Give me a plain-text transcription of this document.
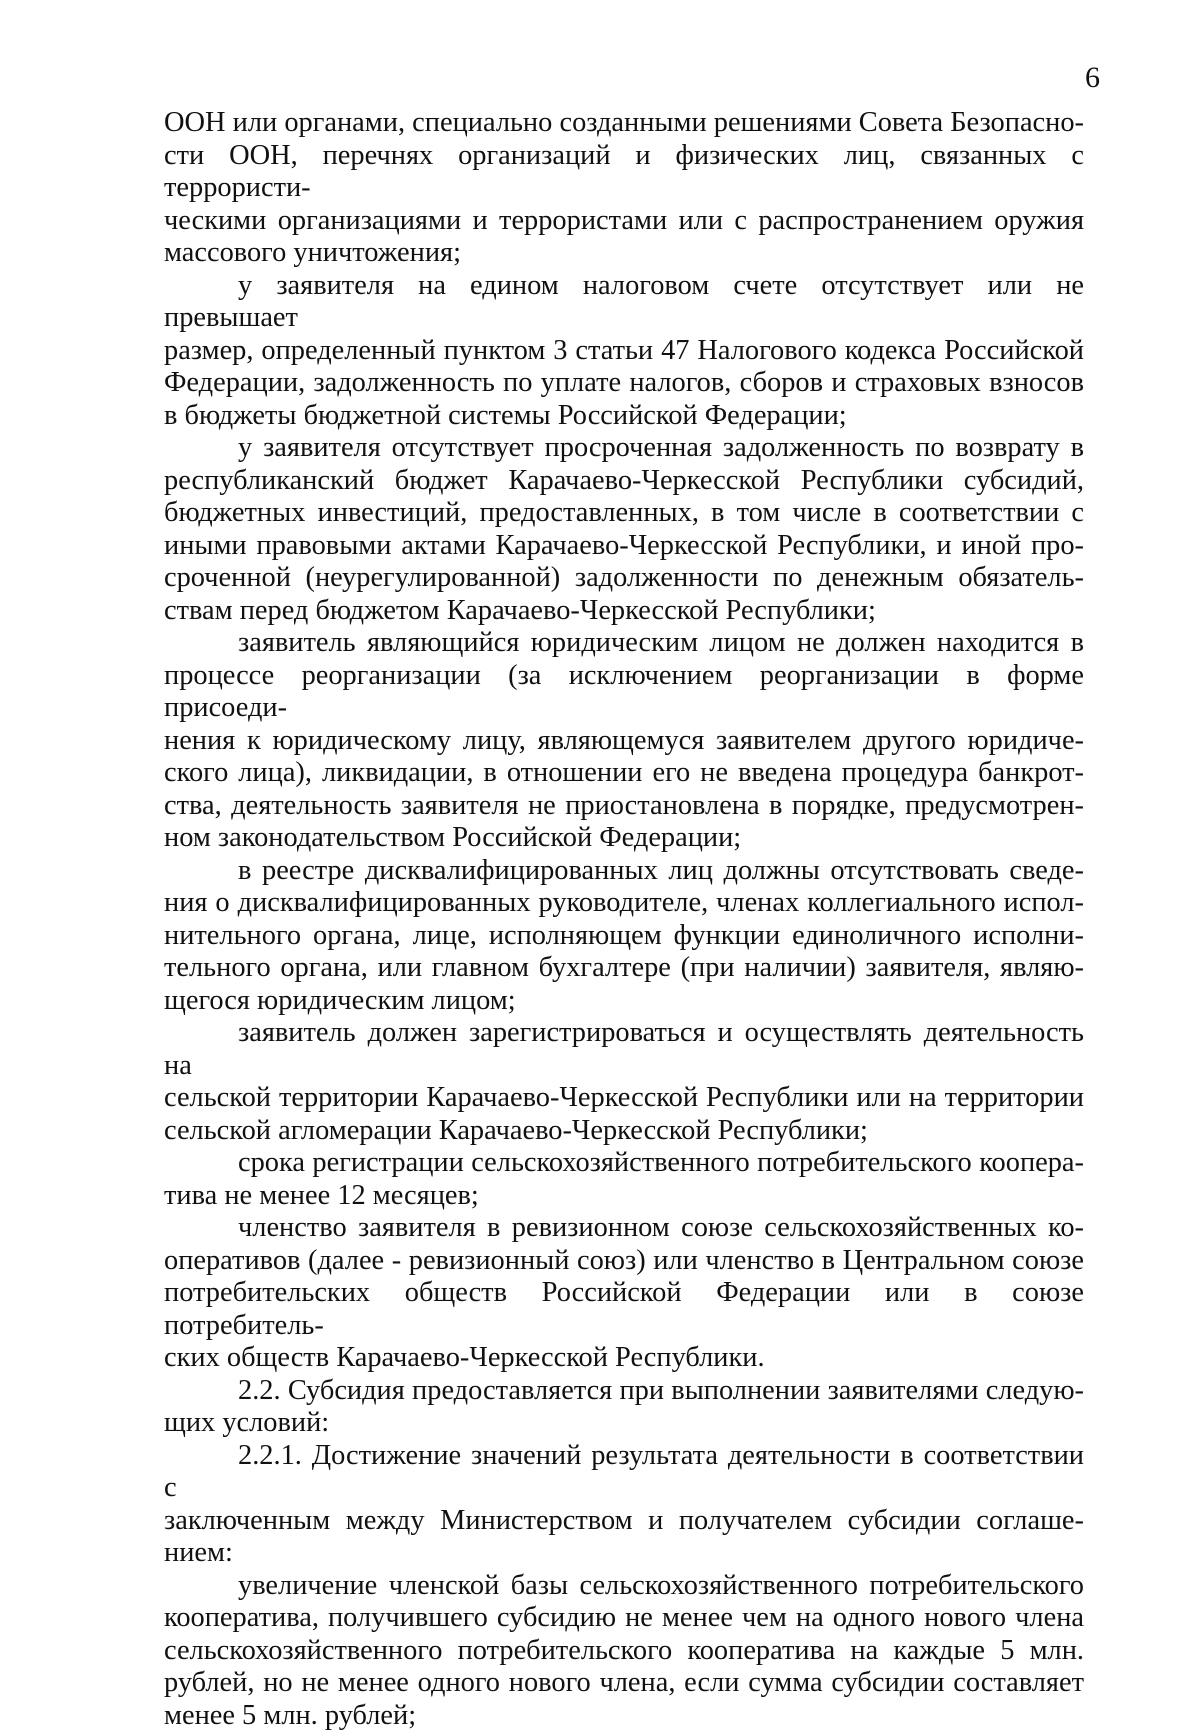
6

ООН или органами, специально созданными решениями Совета Безопасно-
сти ООН, перечнях организаций и физических лиц, связанных с террористи-
ческими организациями и террористами или с распространением оружия
массового уничтожения;

у заявителя на едином налоговом счете отсутствует или не превышает
размер, определенный пунктом 3 статьи 47 Налогового кодекса Российской
Федерации, задолженность по уплате налогов, сборов и страховых взносов
в бюджеты бюджетной системы Российской Федерации;

у заявителя отсутствует просроченная задолженность по возврату в
республиканский бюджет Карачаево-Черкесской Республики субсидий,
бюджетных инвестиций, предоставленных, в том числе в соответствии с
иными правовыми актами Карачаево-Черкесской Республики, и иной про-
сроченной (неурегулированной) задолженности по денежным обязатель-
ствам перед бюджетом Карачаево-Черкесской Республики;

заявитель являющийся юридическим лицом не должен находится в
процессе реорганизации (за исключением реорганизации в форме присоеди-
нения к юридическому лицу, являющемуся заявителем другого юридиче-
ского лица), ликвидации, в отношении его не введена процедура банкрот-
ства, деятельность заявителя не приостановлена в порядке, предусмотрен-
ном законодательством Российской Федерации;

в реестре дисквалифицированных лиц должны отсутствовать сведе-
ния о дисквалифицированных руководителе, членах коллегиального испол-
нительного органа, лице, исполняющем функции единоличного исполни-
тельного органа, или главном бухгалтере (при наличии) заявителя, являю-
щегося юридическим лицом;

заявитель должен зарегистрироваться и осуществлять деятельность на
сельской территории Карачаево-Черкесской Республики или на территории
сельской агломерации Карачаево-Черкесской Республики;

срока регистрации сельскохозяйственного потребительского коопера-
тива не менее 12 месяцев;

членство заявителя в ревизионном союзе сельскохозяйственных ко-
оперативов (далее - ревизионный союз) или членство в Центральном союзе
потребительских обществ Российской Федерации или в союзе потребитель-
ских обществ Карачаево-Черкесской Республики.

2.2. Субсидия предоставляется при выполнении заявителями следую-
щих условий:

2.2.1. Достижение значений результата деятельности в соответствии с
заключенным между Министерством и получателем субсидии соглаше-
нием:

увеличение членской базы сельскохозяйственного потребительского
кооператива, получившего субсидию не менее чем на одного нового члена
сельскохозяйственного потребительского кооператива на каждые 5 млн.
рублей, но не менее одного нового члена, если сумма субсидии составляет
менее 5 млн. рублей;
